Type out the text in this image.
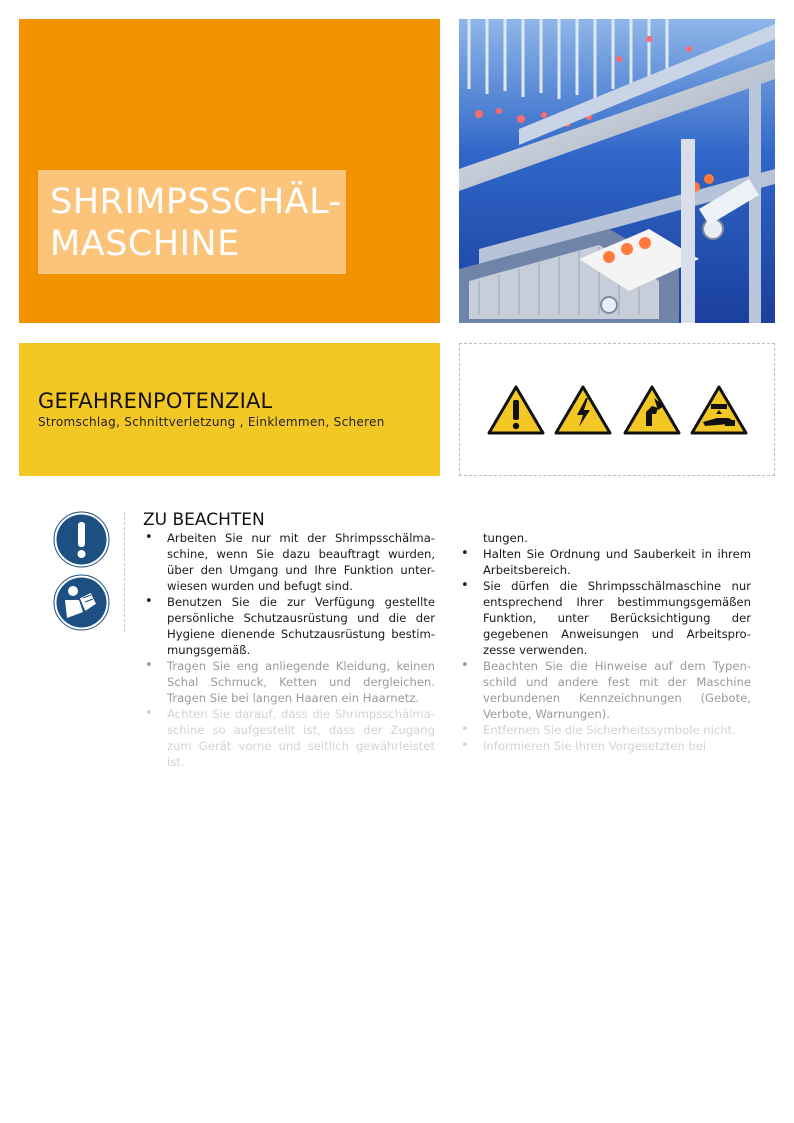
SHRIMPSSCHÄL-
MASCHINE
GEFAHRENPOTENZIAL
Stromschlag, Schnittverletzung , Einklemmen, Scheren
ZU BEACHTEN
• Arbeiten Sie nur mit der Shrimpsschälma- schine, wenn Sie dazu beauftragt wurden, über den Umgang und Ihre Funktion unter- wiesen wurden und befugt sind.
• Benutzen Sie die zur Verfügung gestellte persönliche Schutzausrüstung und die der Hygiene dienende Schutzausrüstung bestim- mungsgemäß.
• Tragen Sie eng anliegende Kleidung, keinen Schal Schmuck, Ketten und dergleichen. Tragen Sie bei langen Haaren ein Haarnetz.
• Achten Sie darauf, dass die Shrimpsschälma- schine so aufgestellt ist, dass der Zugang zum Gerät vorne und seitlich gewährleistet ist.
tungen.
• Halten Sie Ordnung und Sauberkeit in ihrem Arbeitsbereich.
• Sie dürfen die Shrimpsschälmaschine nur entsprechend Ihrer bestimmungsgemäßen Funktion, unter Berücksichtigung der gegebenen Anweisungen und Arbeitspro- zesse verwenden.
• Beachten Sie die Hinweise auf dem Typen- schild und andere fest mit der Maschine verbundenen Kennzeichnungen (Gebote, Verbote, Warnungen).
• Entfernen Sie die Sicherheitssymbole nicht.
• Informieren Sie Ihren Vorgesetzten bei
